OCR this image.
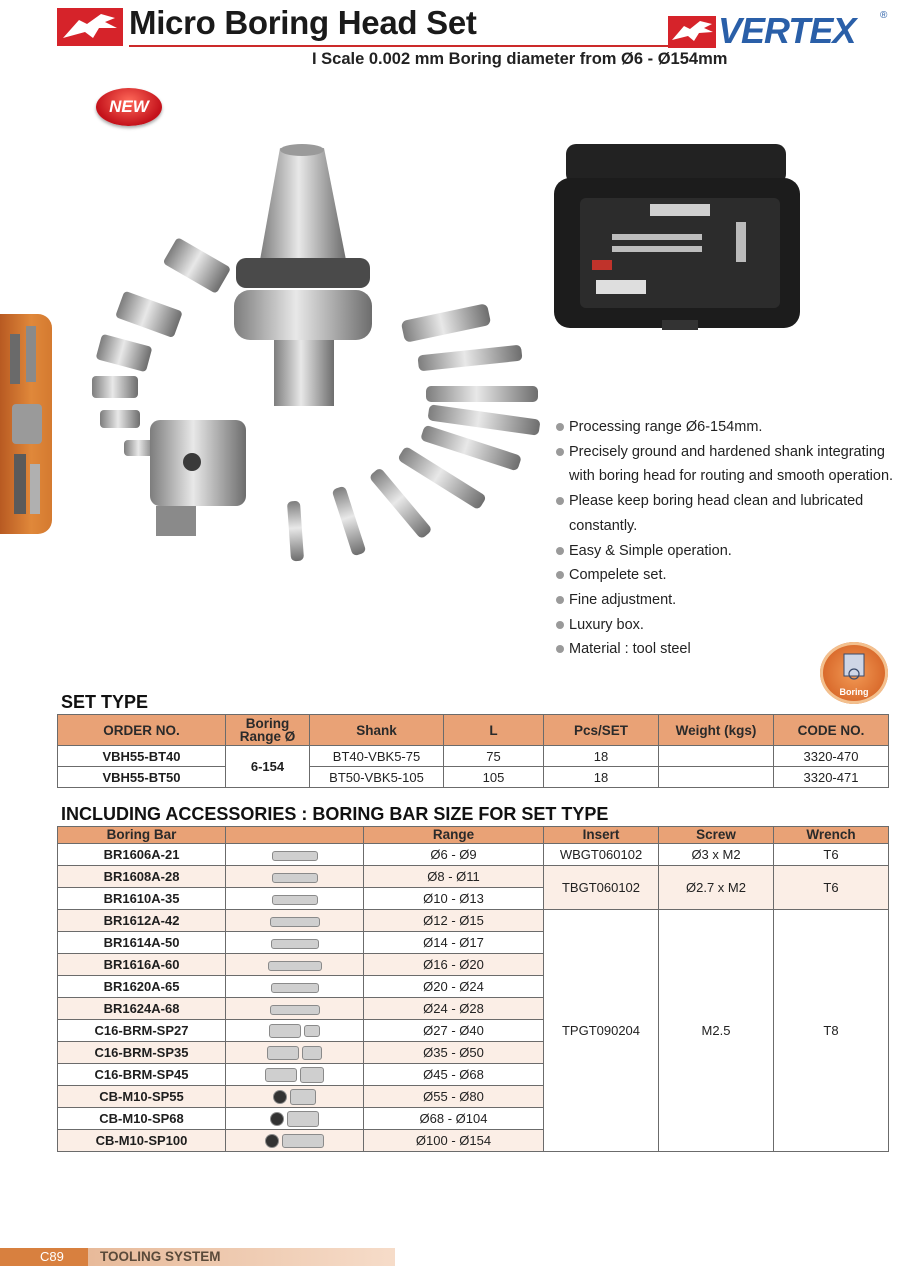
Micro Boring Head Set
I Scale 0.002 mm Boring diameter from Ø6 - Ø154mm
VERTEX ®
NEW
Processing range Ø6-154mm.
Precisely ground and hardened shank integrating with boring head for routing and smooth operation.
Please keep boring head clean and lubricated constantly.
Easy & Simple operation.
Compelete set.
Fine adjustment.
Luxury box.
Material : tool steel
Boring
SET TYPE
ORDER NO.	Boring Range Ø	Shank	L	Pcs/SET	Weight (kgs)	CODE NO.
VBH55-BT40	6-154	BT40-VBK5-75	75	18		3320-470
VBH55-BT50		BT50-VBK5-105	105	18		3320-471
INCLUDING ACCESSORIES : BORING BAR SIZE FOR SET TYPE
Boring Bar		Range	Insert	Screw	Wrench
BR1606A-21		Ø6 - Ø9	WBGT060102	Ø3 x M2	T6
BR1608A-28		Ø8 - Ø11	TBGT060102	Ø2.7 x M2	T6
BR1610A-35		Ø10 - Ø13			
BR1612A-42		Ø12 - Ø15	TPGT090204	M2.5	T8
BR1614A-50		Ø14 - Ø17			
BR1616A-60		Ø16 - Ø20			
BR1620A-65		Ø20 - Ø24			
BR1624A-68		Ø24 - Ø28			
C16-BRM-SP27		Ø27 - Ø40			
C16-BRM-SP35		Ø35 - Ø50			
C16-BRM-SP45		Ø45 - Ø68			
CB-M10-SP55		Ø55 - Ø80			
CB-M10-SP68		Ø68 - Ø104			
CB-M10-SP100		Ø100 - Ø154			
C89	TOOLING SYSTEM
